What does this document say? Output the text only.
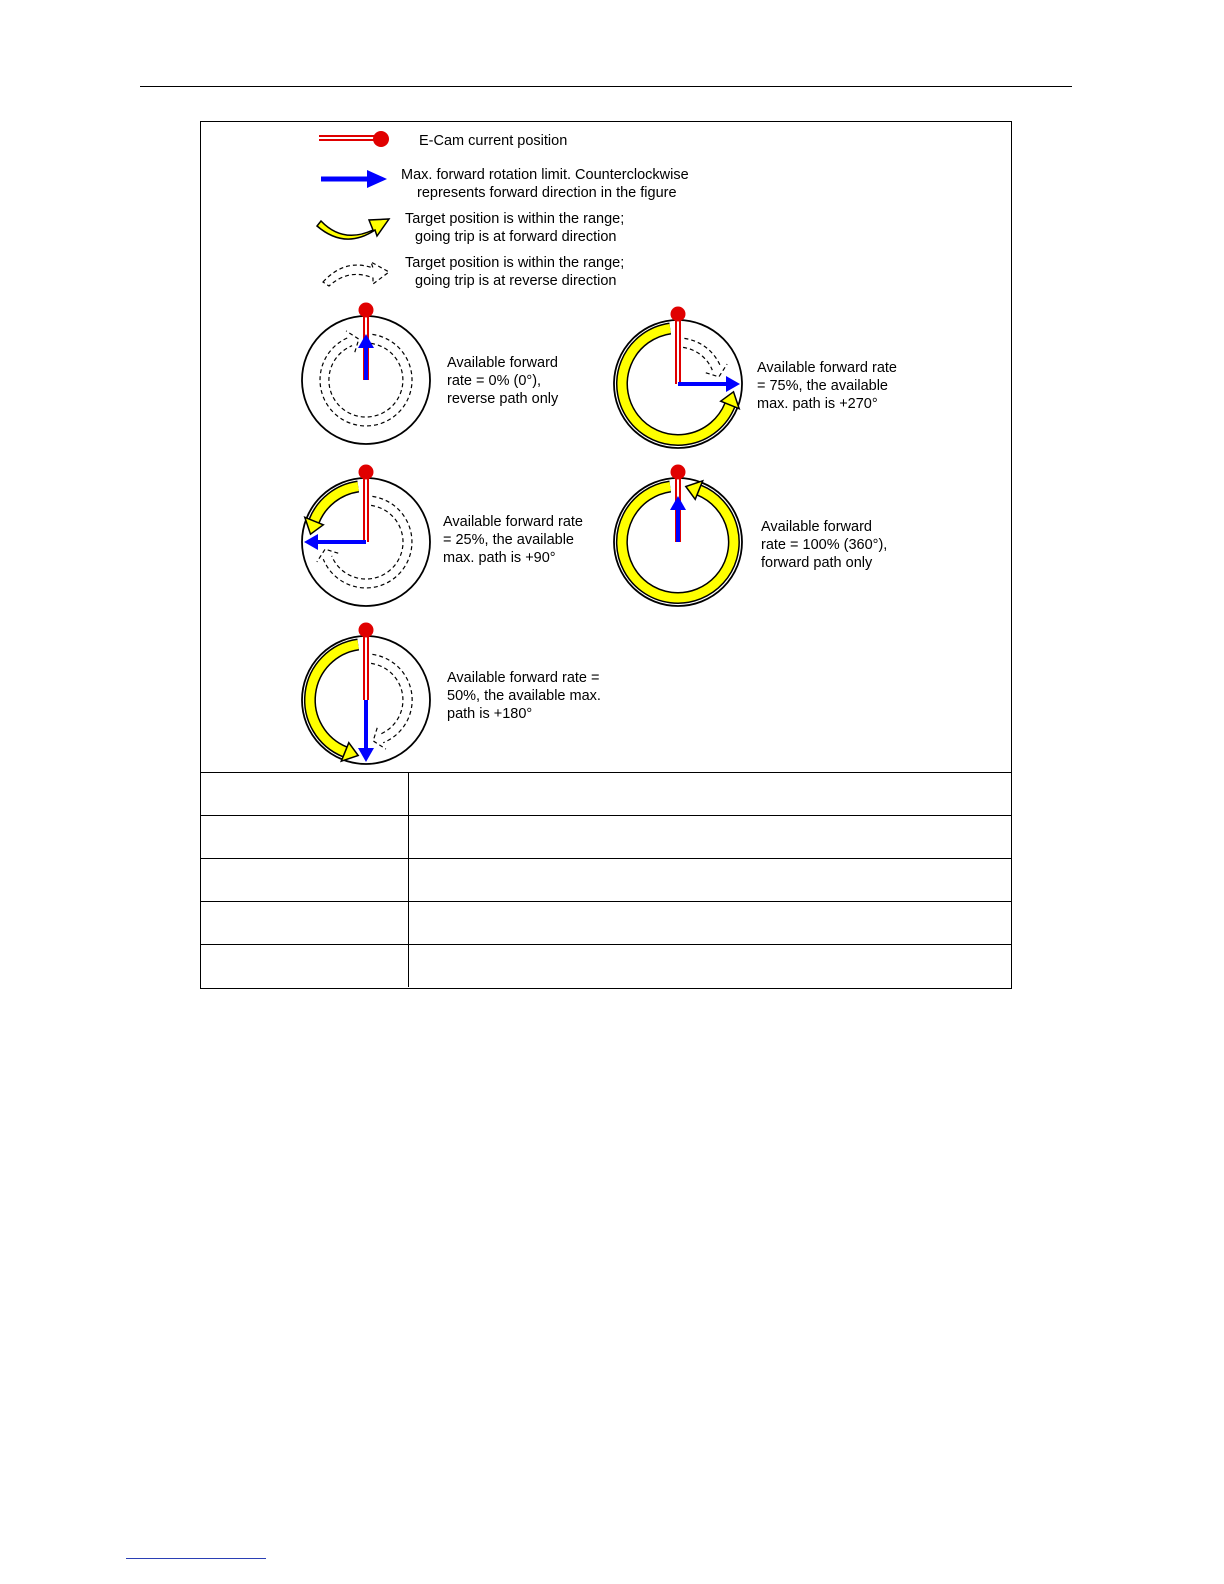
E-Cam current position
Max. forward rotation limit. Counterclockwise
represents forward direction in the figure
Target position is within the range;
going trip is at forward direction
Target position is within the range;
going trip is at reverse direction
Available forward
rate = 0% (0°),
reverse path only
Available forward rate
= 75%, the available
max. path is +270°
Available forward rate
= 25%, the available
max. path is +90°
Available forward
rate = 100% (360°),
forward path only
Available forward rate =
50%, the available max.
path is +180°
